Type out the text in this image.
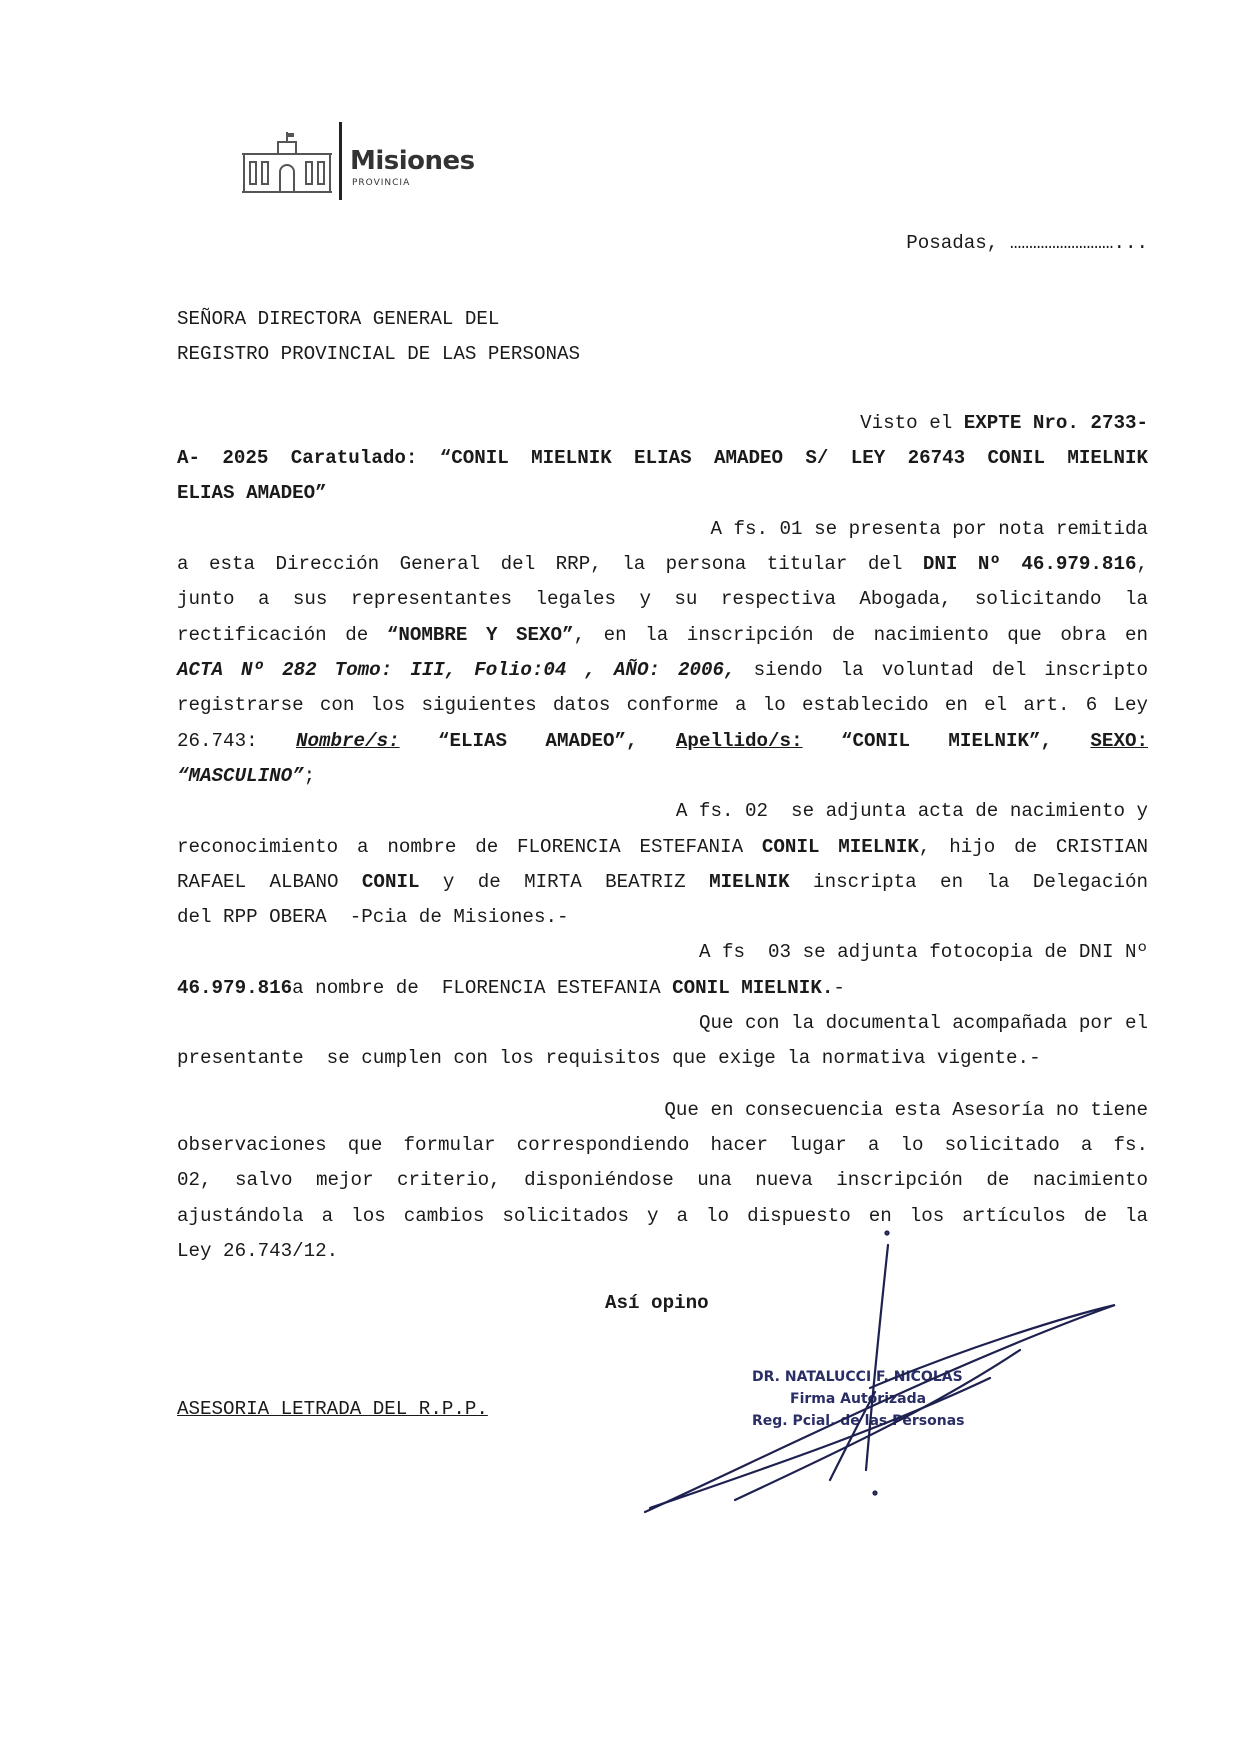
Misiones
PROVINCIA
Posadas, ………………………...
SEÑORA DIRECTORA GENERAL DEL
REGISTRO PROVINCIAL DE LAS PERSONAS
Visto el EXPTE Nro. 2733-
A- 2025 Caratulado: “CONIL MIELNIK ELIAS AMADEO S/ LEY 26743 CONIL MIELNIK
ELIAS AMADEO”
A fs. 01 se presenta por nota remitida
a esta Dirección General del RRP, la persona titular del DNI Nº 46.979.816,
junto a sus representantes legales y su respectiva Abogada, solicitando la
rectificación de “NOMBRE Y SEXO”, en la inscripción de nacimiento que obra en
ACTA Nº 282 Tomo: III, Folio:04 , AÑO: 2006, siendo la voluntad del inscripto
registrarse con los siguientes datos conforme a lo establecido en el art. 6 Ley
26.743: Nombre/s: “ELIAS AMADEO”, Apellido/s: “CONIL MIELNIK”, SEXO:
“MASCULINO”;
A fs. 02  se adjunta acta de nacimiento y
reconocimiento a nombre de FLORENCIA ESTEFANIA CONIL MIELNIK, hijo de CRISTIAN
RAFAEL ALBANO CONIL y de MIRTA BEATRIZ MIELNIK inscripta en la Delegación
del RPP OBERA  -Pcia de Misiones.-
A fs  03 se adjunta fotocopia de DNI Nº
46.979.816a nombre de  FLORENCIA ESTEFANIA CONIL MIELNIK.-
Que con la documental acompañada por el
presentante  se cumplen con los requisitos que exige la normativa vigente.-
Que en consecuencia esta Asesoría no tiene
observaciones que formular correspondiendo hacer lugar a lo solicitado a fs.
02, salvo mejor criterio, disponiéndose una nueva inscripción de nacimiento
ajustándola a los cambios solicitados y a lo dispuesto en los artículos de la
Ley 26.743/12.
Así opino
ASESORIA LETRADA DEL R.P.P.
DR. NATALUCCI F. NICOLAS
Firma Autorizada
Reg. Pcial. de las Personas
